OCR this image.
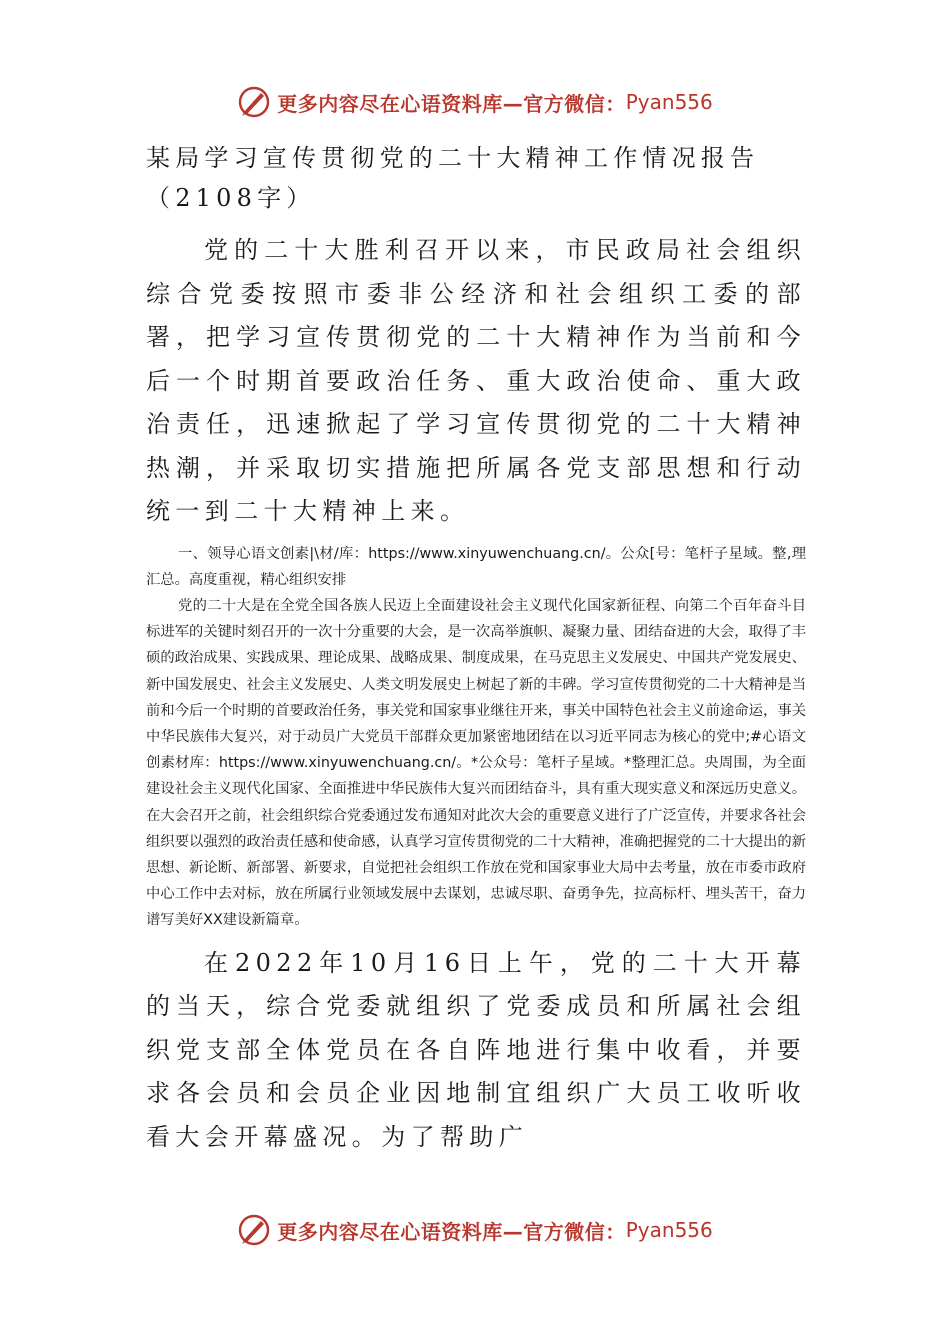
更多内容尽在心语资料库—官方微信： Pyan556
某局学习宣传贯彻党的二十大精神工作情况报告（2108字）

党的二十大胜利召开以来，市民政局社会组织综合党委按照市委非公经济和社会组织工委的部署，把学习宣传贯彻党的二十大精神作为当前和今后一个时期首要政治任务、重大政治使命、重大政治责任，迅速掀起了学习宣传贯彻党的二十大精神热潮，并采取切实措施把所属各党支部思想和行动统一到二十大精神上来。

一、领导心语文创素|\材/库：https://www.xinyuwenchuang.cn/。公众[号：笔杆子星域。整,理汇总。高度重视，精心组织安排

党的二十大是在全党全国各族人民迈上全面建设社会主义现代化国家新征程、向第二个百年奋斗目标进军的关键时刻召开的一次十分重要的大会，是一次高举旗帜、凝聚力量、团结奋进的大会，取得了丰硕的政治成果、实践成果、理论成果、战略成果、制度成果，在马克思主义发展史、中国共产党发展史、新中国发展史、社会主义发展史、人类文明发展史上树起了新的丰碑。学习宣传贯彻党的二十大精神是当前和今后一个时期的首要政治任务，事关党和国家事业继往开来，事关中国特色社会主义前途命运，事关中华民族伟大复兴，对于动员广大党员干部群众更加紧密地团结在以习近平同志为核心的党中;#心语文创素材库：https://www.xinyuwenchuang.cn/。*公众号：笔杆子星域。*整理汇总。央周围，为全面建设社会主义现代化国家、全面推进中华民族伟大复兴而团结奋斗，具有重大现实意义和深远历史意义。在大会召开之前，社会组织综合党委通过发布通知对此次大会的重要意义进行了广泛宣传，并要求各社会组织要以强烈的政治责任感和使命感，认真学习宣传贯彻党的二十大精神，准确把握党的二十大提出的新思想、新论断、新部署、新要求，自觉把社会组织工作放在党和国家事业大局中去考量，放在市委市政府中心工作中去对标，放在所属行业领域发展中去谋划，忠诚尽职、奋勇争先，拉高标杆、埋头苦干，奋力谱写美好XX建设新篇章。

在2022年10月16日上午，党的二十大开幕的当天，综合党委就组织了党委成员和所属社会组织党支部全体党员在各自阵地进行集中收看，并要求各会员和会员企业因地制宜组织广大员工收听收看大会开幕盛况。为了帮助广

更多内容尽在心语资料库—官方微信： Pyan556
